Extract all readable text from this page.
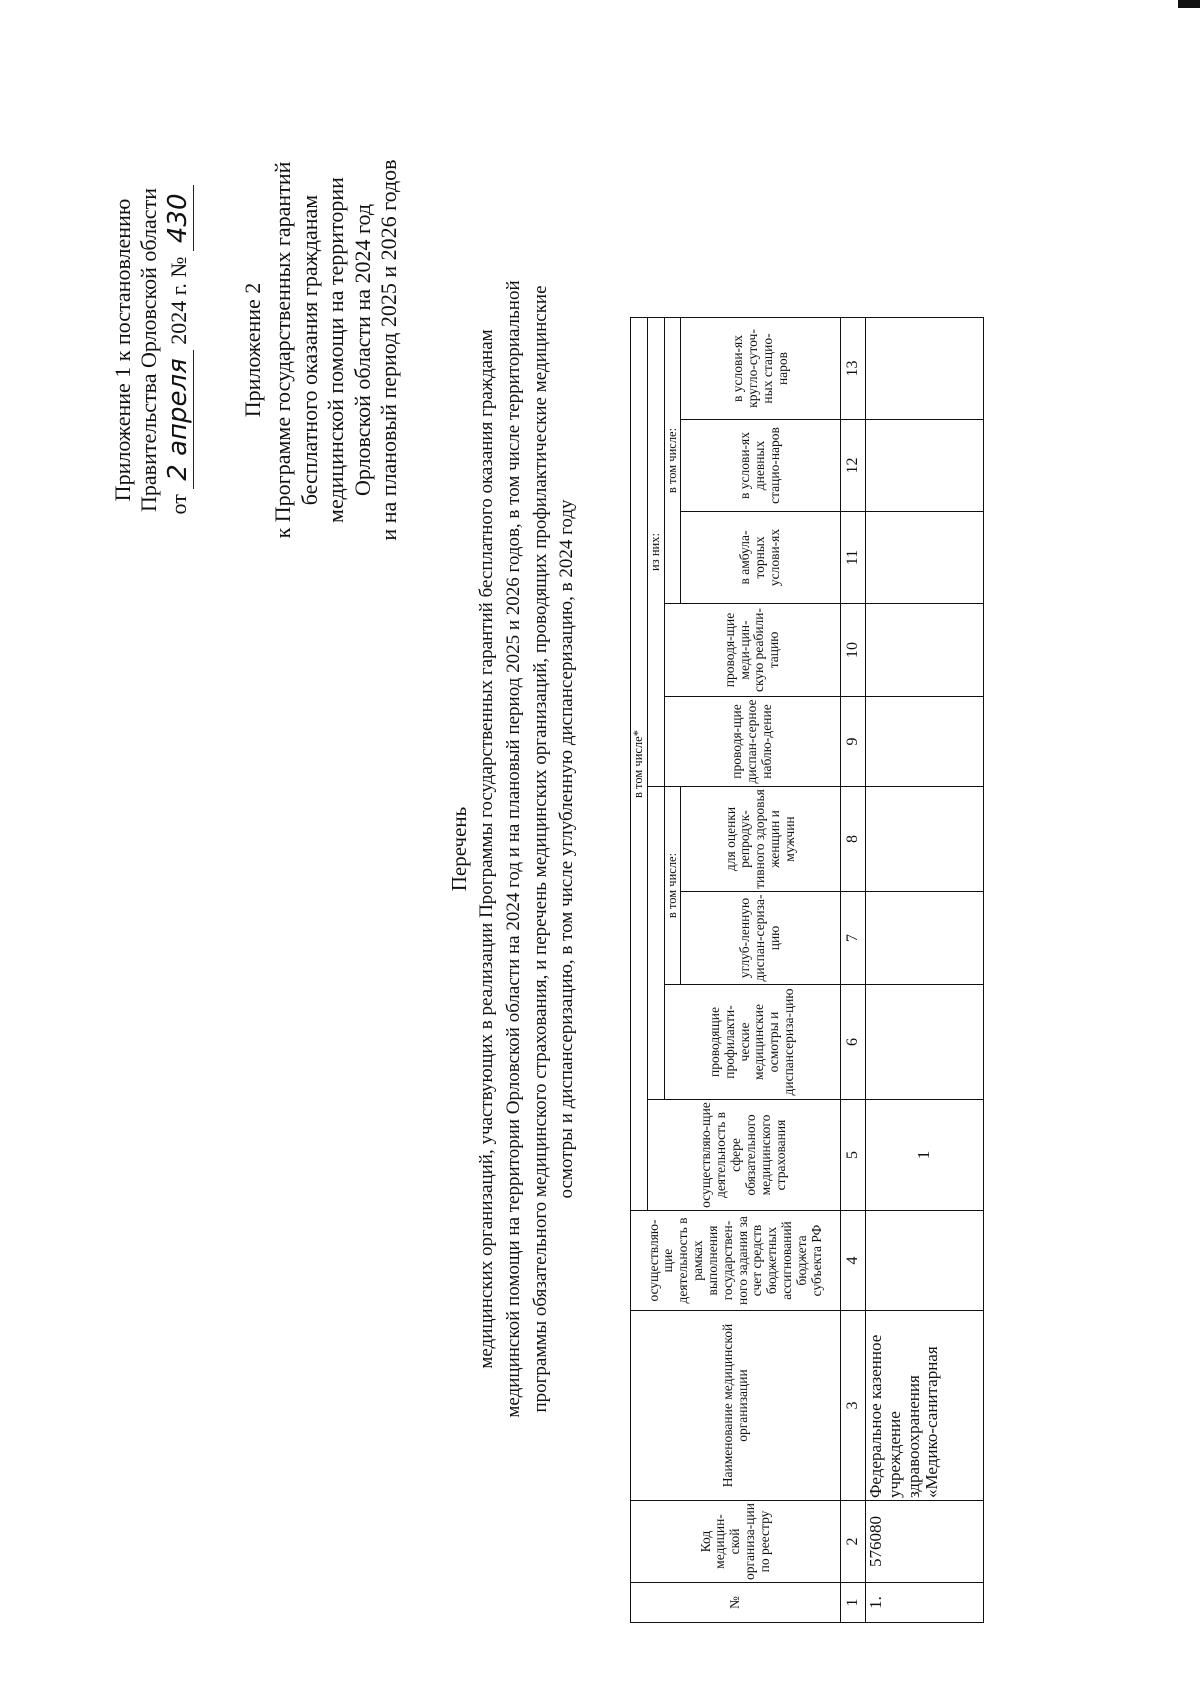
Приложение 1 к постановлению Правительства Орловской области от 2 апреля 2024 г. № 430
Приложение 2 к Программе государственных гарантий бесплатного оказания гражданам медицинской помощи на территории Орловской области на 2024 год и на плановый период 2025 и 2026 годов
Перечень медицинских организаций, участвующих в реализации Программы государственных гарантий бесплатного оказания гражданам медицинской помощи на территории Орловской области на 2024 год и на плановый период 2025 и 2026 годов, в том числе территориальной программы обязательного медицинского страхования, и перечень медицинских организаций, проводящих профилактические медицинские осмотры и диспансеризацию, в том числе углубленную диспансеризацию, в 2024 году
№	Код медицин-ской организа-ции по реестру	Наименование медицинской организации	осуществляю-щие деятельность в рамках выполнения государствен-ного задания за счет средств бюджетных ассигнований бюджета субъекта РФ	в том числе*								
				осуществляю-щие деятельность в сфере обязательного медицинского страхования				из них:				
					проводящие профилакти-ческие медицинские осмотры и диспансериза-цию	в том числе:		проводя-щие диспан-серное наблю-дение	проводя-щие меди-цин-скую реабили-тацию	в том числе:		
						углуб-ленную диспан-сериза-цию	для оценки репродук-тивного здоровья женщин и мужчин			в амбула-торных услови-ях	в услови-ях дневных стацио-наров	в услови-ях кругло-суточ-ных стацио-наров
1	2	3	4	5	6	7	8	9	10	11	12	13
1.	576080	Федеральное казенное учреждение здравоохранения «Медико-санитарная		1								
